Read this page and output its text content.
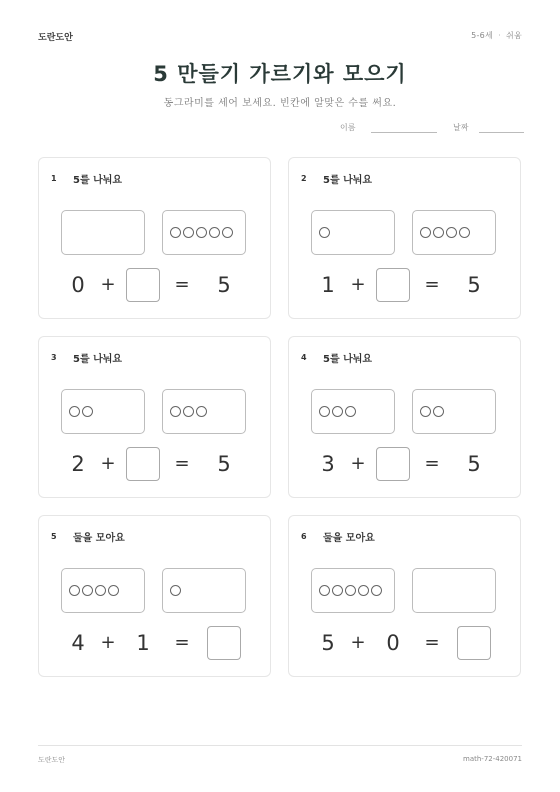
도란도안	5-6세 · 쉬움
5 만들기 가르기와 모으기
동그라미를 세어 보세요. 빈칸에 알맞은 수를 써요.
이름	날짜
1	5를 나눠요
0 +	=	5
2	5를 나눠요
1 +	=	5
3	5를 나눠요
2 +	=	5
4	5를 나눠요
3 +	=	5
5	둘을 모아요
4 + 1	=
6	둘을 모아요
5 + 0	=
도란도안	math-72-420071
